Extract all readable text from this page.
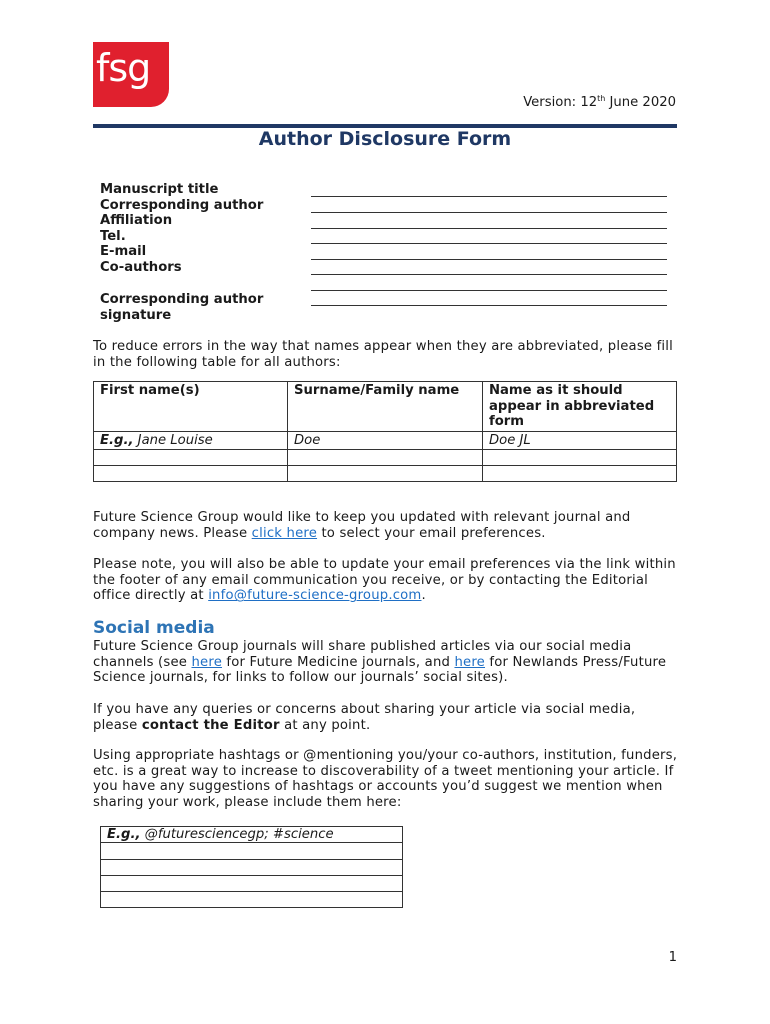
fsg
Version: 12th June 2020
Author Disclosure Form
Manuscript title
Corresponding author
Affiliation
Tel.
E-mail
Co-authors
Corresponding author
signature
To reduce errors in the way that names appear when they are abbreviated, please fill in the following table for all authors:
First name(s)	Surname/Family name	Name as it should appear in abbreviated form
E.g., Jane Louise	Doe	Doe JL

Future Science Group would like to keep you updated with relevant journal and company news. Please click here to select your email preferences.
Please note, you will also be able to update your email preferences via the link within the footer of any email communication you receive, or by contacting the Editorial office directly at info@future-science-group.com.
Social media
Future Science Group journals will share published articles via our social media channels (see here for Future Medicine journals, and here for Newlands Press/Future Science journals, for links to follow our journals’ social sites).
If you have any queries or concerns about sharing your article via social media, please contact the Editor at any point.
Using appropriate hashtags or @mentioning you/your co-authors, institution, funders, etc. is a great way to increase to discoverability of a tweet mentioning your article. If you have any suggestions of hashtags or accounts you’d suggest we mention when sharing your work, please include them here:
E.g., @futuresciencegp; #science

1
